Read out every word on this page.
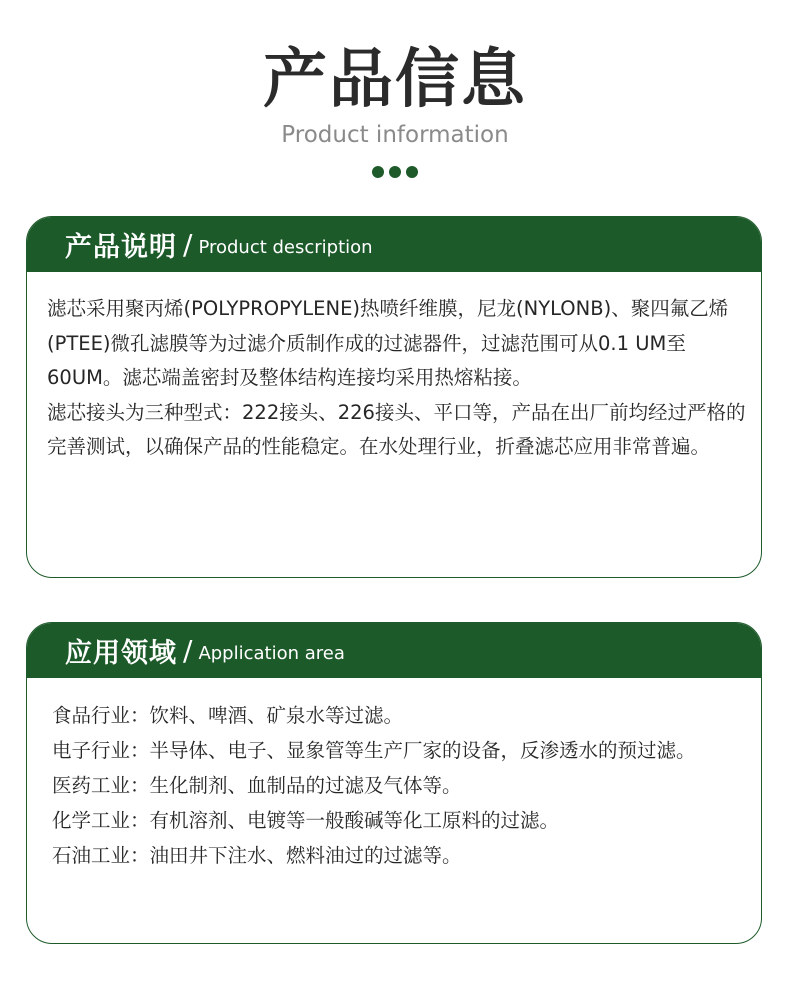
产品信息
Product information
产品说明 / Product description

滤芯采用聚丙烯(POLYPROPYLENE)热喷纤维膜，尼龙(NYLONB)、聚四氟乙烯(PTEE)微孔滤膜等为过滤介质制作成的过滤器件，过滤范围可从0.1 UM至60UM。滤芯端盖密封及整体结构连接均采用热熔粘接。

滤芯接头为三种型式：222接头、226接头、平口等，产品在出厂前均经过严格的完善测试，以确保产品的性能稳定。在水处理行业，折叠滤芯应用非常普遍。

应用领域 / Application area

食品行业：饮料、啤酒、矿泉水等过滤。

电子行业：半导体、电子、显象管等生产厂家的设备，反渗透水的预过滤。

医药工业：生化制剂、血制品的过滤及气体等。

化学工业：有机溶剂、电镀等一般酸碱等化工原料的过滤。

石油工业：油田井下注水、燃料油过的过滤等。
